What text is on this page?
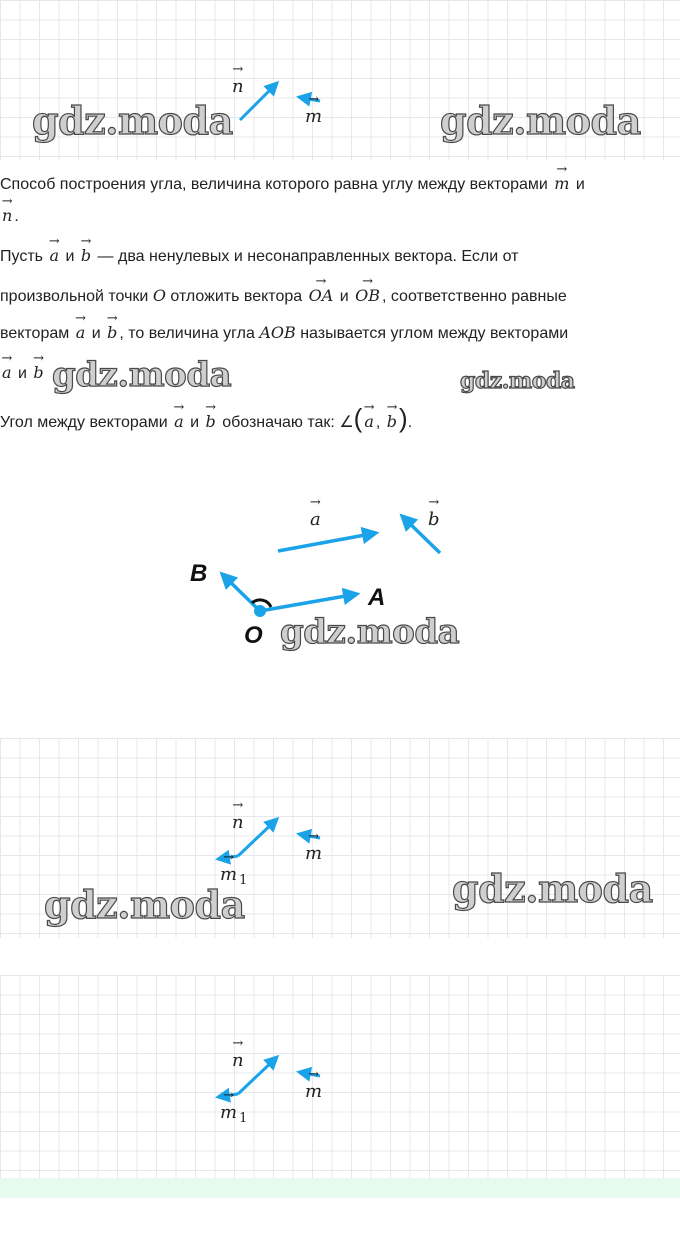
→ n
→ m
gdz.moda	gdz.moda
Способ построения угла, величина которого равна углу между векторами → m и
→ n .
Пусть → a и → b — два ненулевых и несонаправленных вектора. Если от
произвольной точки O отложить вектора → OA и → OB , соответственно равные
векторам → a и → b , то величина угла AOB называется углом между векторами
→ a и → b gdz.moda	gdz.moda
Угол между векторами → a и → b обозначаю так: ∠( → a , → b).
→ a	→ b
B
A
O gdz.moda
→ n
→ m
→ m $_1$
gdz.moda	gdz.moda
→ n
→ m
→ m $_1$
